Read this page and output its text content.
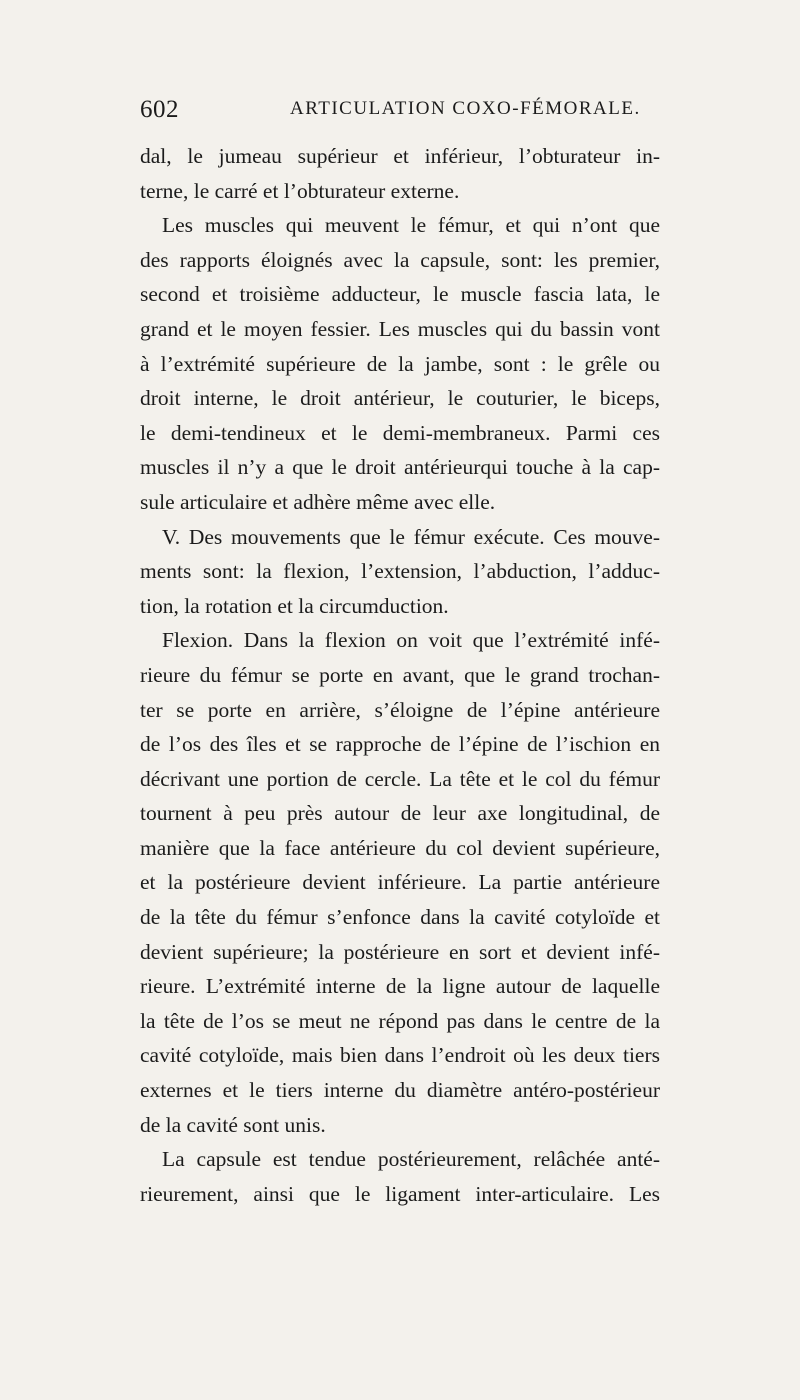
602	ARTICULATION COXO-FÉMORALE.
dal, le jumeau supérieur et inférieur, l’obturateur in-
terne, le carré et l’obturateur externe.
Les muscles qui meuvent le fémur, et qui n’ont que
des rapports éloignés avec la capsule, sont: les premier,
second et troisième adducteur, le muscle fascia lata, le
grand et le moyen fessier. Les muscles qui du bassin vont
à l’extrémité supérieure de la jambe, sont : le grêle ou
droit interne, le droit antérieur, le couturier, le biceps,
le demi-tendineux et le demi-membraneux. Parmi ces
muscles il n’y a que le droit antérieurqui touche à la cap-
sule articulaire et adhère même avec elle.
V. Des mouvements que le fémur exécute. Ces mouve-
ments sont: la flexion, l’extension, l’abduction, l’adduc-
tion, la rotation et la circumduction.
Flexion. Dans la flexion on voit que l’extrémité infé-
rieure du fémur se porte en avant, que le grand trochan-
ter se porte en arrière, s’éloigne de l’épine antérieure
de l’os des îles et se rapproche de l’épine de l’ischion en
décrivant une portion de cercle. La tête et le col du fémur
tournent à peu près autour de leur axe longitudinal, de
manière que la face antérieure du col devient supérieure,
et la postérieure devient inférieure. La partie antérieure
de la tête du fémur s’enfonce dans la cavité cotyloïde et
devient supérieure; la postérieure en sort et devient infé-
rieure. L’extrémité interne de la ligne autour de laquelle
la tête de l’os se meut ne répond pas dans le centre de la
cavité cotyloïde, mais bien dans l’endroit où les deux tiers
externes et le tiers interne du diamètre antéro-postérieur
de la cavité sont unis.
La capsule est tendue postérieurement, relâchée anté-
rieurement, ainsi que le ligament inter-articulaire. Les
